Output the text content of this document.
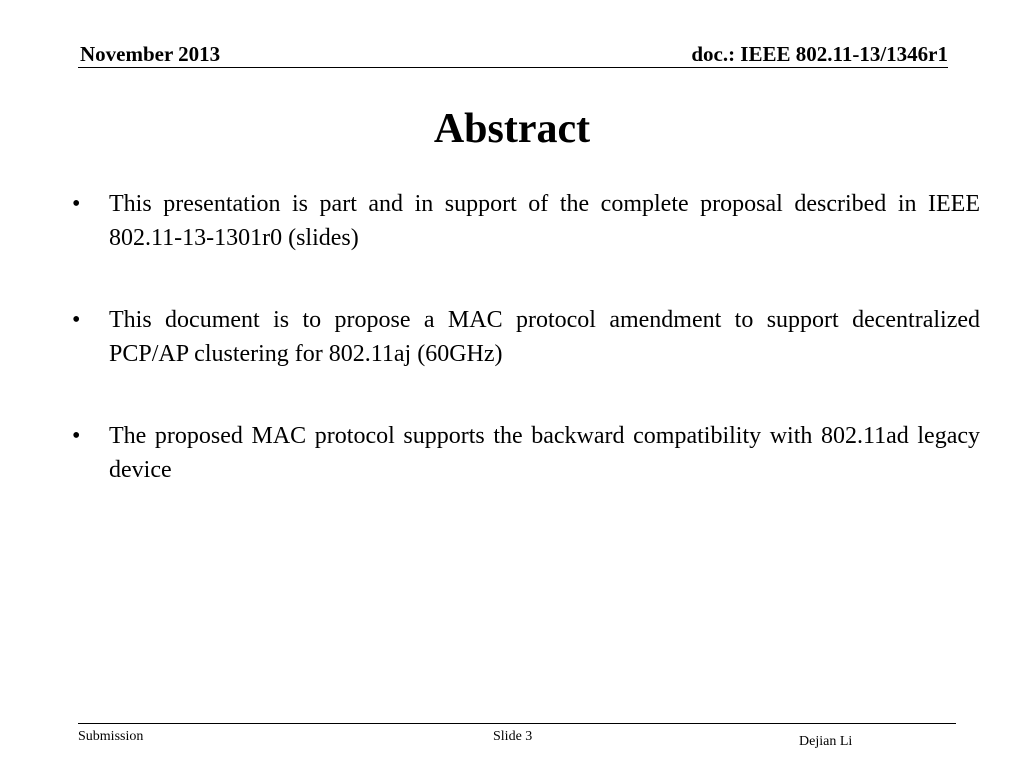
November 2013	doc.: IEEE 802.11-13/1346r1
Abstract
•	This presentation is part and in support of the complete proposal described in IEEE 802.11-13-1301r0 (slides)
•	This document is to propose a MAC protocol amendment to support decentralized PCP/AP clustering for 802.11aj (60GHz)
•	The proposed MAC protocol supports the backward compatibility with 802.11ad legacy device
Submission	Slide 3	Dejian Li
